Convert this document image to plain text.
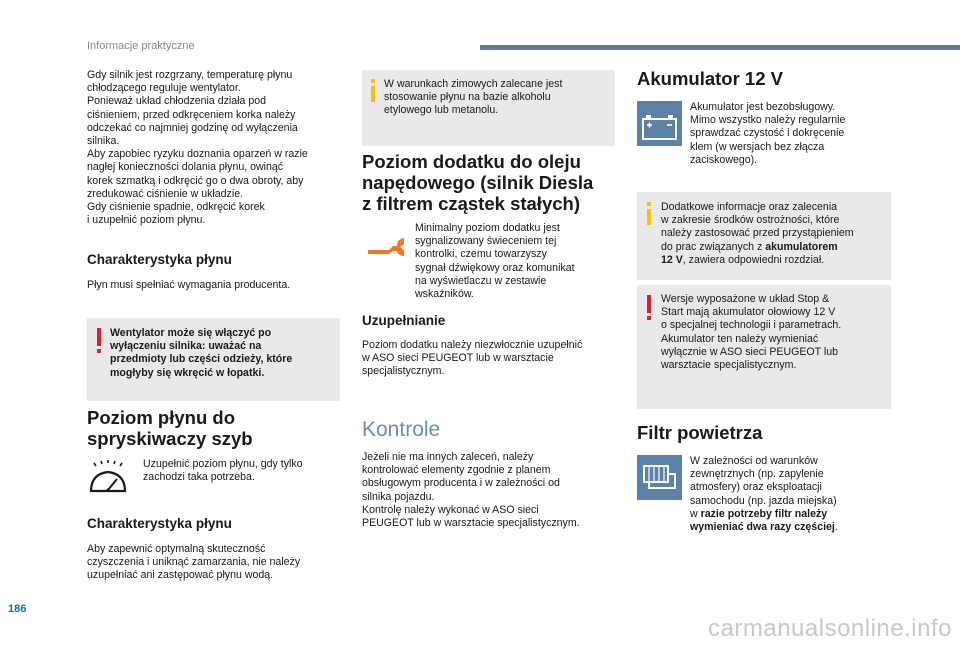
Informacje praktyczne

Gdy silnik jest rozgrzany, temperaturę płynu

chłodzącego reguluje wentylator.

Ponieważ układ chłodzenia działa pod

ciśnieniem, przed odkręceniem korka należy

odczekać co najmniej godzinę od wyłączenia

silnika.

Aby zapobiec ryzyku doznania oparzeń w razie

nagłej konieczności dolania płynu, owinąć

korek szmatką i odkręcić go o dwa obroty, aby

zredukować ciśnienie w układzie.

Gdy ciśnienie spadnie, odkręcić korek

i uzupełnić poziom płynu.

Charakterystyka płynu

Płyn musi spełniać wymagania producenta.

Wentylator może się włączyć po
wyłączeniu silnika: uważać na
przedmioty lub części odzieży, które
mogłyby się wkręcić w łopatki.
Poziom płynu do
spryskiwaczy szyb

Uzupełnić poziom płynu, gdy tylko

zachodzi taka potrzeba.

Charakterystyka płynu

Aby zapewnić optymalną skuteczność

czyszczenia i uniknąć zamarzania, nie należy

uzupełniać ani zastępować płynu wodą.

W warunkach zimowych zalecane jest
stosowanie płynu na bazie alkoholu
etylowego lub metanolu.
Poziom dodatku do oleju
napędowego (silnik Diesla
z filtrem cząstek stałych)

Minimalny poziom dodatku jest

sygnalizowany świeceniem tej

kontrolki, czemu towarzyszy

sygnał dźwiękowy oraz komunikat

na wyświetlaczu w zestawie

wskaźników.

Uzupełnianie

Poziom dodatku należy niezwłocznie uzupełnić

w ASO sieci PEUGEOT lub w warsztacie

specjalistycznym.

Kontrole

Jeżeli nie ma innych zaleceń, należy

kontrolować elementy zgodnie z planem

obsługowym producenta i w zależności od

silnika pojazdu.

Kontrolę należy wykonać w ASO sieci

PEUGEOT lub w warsztacie specjalistycznym.

Akumulator 12 V

Akumulator jest bezobsługowy.

Mimo wszystko należy regularnie

sprawdzać czystość i dokręcenie

klem (w wersjach bez złącza

zaciskowego).

Dodatkowe informacje oraz zalecenia
w zakresie środków ostrożności, które
należy zastosować przed przystąpieniem
do prac związanych z akumulatorem
12 V, zawiera odpowiedni rozdział.
Wersje wyposażone w układ Stop &
Start mają akumulator ołowiowy 12 V
o specjalnej technologii i parametrach.
Akumulator ten należy wymieniać
wyłącznie w ASO sieci PEUGEOT lub
warsztacie specjalistycznym.
Filtr powietrza

W zależności od warunków

zewnętrznych (np. zapylenie

atmosfery) oraz eksploatacji

samochodu (np. jazda miejska)

w razie potrzeby filtr należy

wymieniać dwa razy częściej.

186
carmanualsonline.info
